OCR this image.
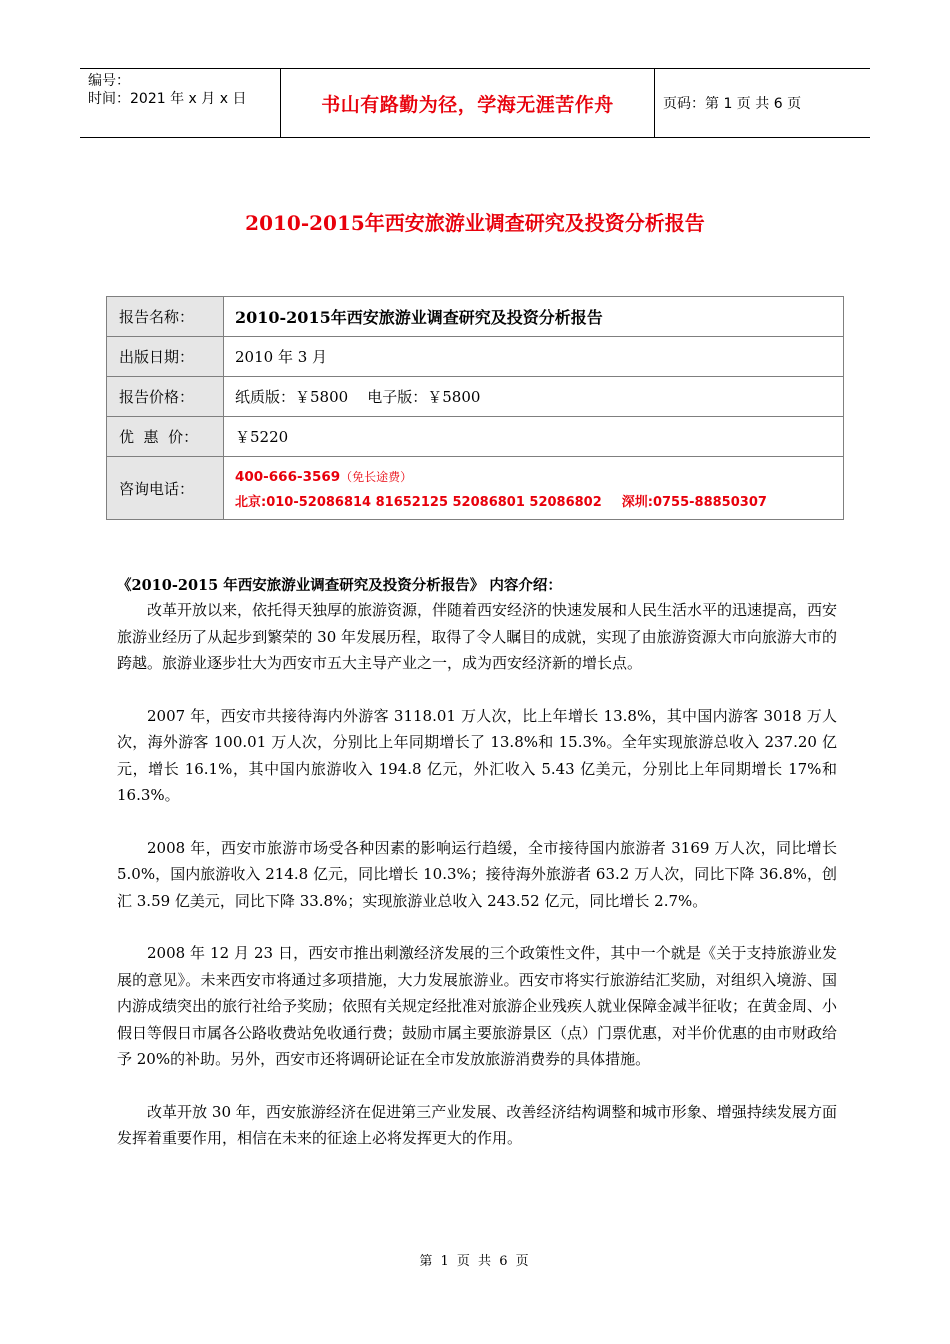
编号：
时间：2021 年 x 月 x 日	书山有路勤为径，学海无涯苦作舟	页码：第 1 页 共 6 页
2010-2015年西安旅游业调查研究及投资分析报告
报告名称：	2010-2015年西安旅游业调查研究及投资分析报告
出版日期：	2010 年 3 月
报告价格：	纸质版：￥5800    电子版：￥5800
优  惠  价：	￥5220
咨询电话：	400-666-3569（免长途费）
北京:010-52086814 81652125 52086801 52086802 深圳:0755-88850307
《2010-2015 年西安旅游业调查研究及投资分析报告》 内容介绍：

改革开放以来，依托得天独厚的旅游资源，伴随着西安经济的快速发展和人民生活水平的迅速提高，西安旅游业经历了从起步到繁荣的 30 年发展历程，取得了令人瞩目的成就，实现了由旅游资源大市向旅游大市的跨越。旅游业逐步壮大为西安市五大主导产业之一，成为西安经济新的增长点。

2007 年，西安市共接待海内外游客 3118.01 万人次，比上年增长 13.8%，其中国内游客 3018 万人次，海外游客 100.01 万人次，分别比上年同期增长了 13.8%和 15.3%。全年实现旅游总收入 237.20 亿元，增长 16.1%，其中国内旅游收入 194.8 亿元，外汇收入 5.43 亿美元，分别比上年同期增长 17%和 16.3%。

2008 年，西安市旅游市场受各种因素的影响运行趋缓，全市接待国内旅游者 3169 万人次，同比增长 5.0%，国内旅游收入 214.8 亿元，同比增长 10.3%；接待海外旅游者 63.2 万人次，同比下降 36.8%，创汇 3.59 亿美元，同比下降 33.8%；实现旅游业总收入 243.52 亿元，同比增长 2.7%。

2008 年 12 月 23 日，西安市推出刺激经济发展的三个政策性文件，其中一个就是《关于支持旅游业发展的意见》。未来西安市将通过多项措施，大力发展旅游业。西安市将实行旅游结汇奖励，对组织入境游、国内游成绩突出的旅行社给予奖励；依照有关规定经批准对旅游企业残疾人就业保障金减半征收；在黄金周、小假日等假日市属各公路收费站免收通行费；鼓励市属主要旅游景区（点）门票优惠，对半价优惠的由市财政给予 20%的补助。另外，西安市还将调研论证在全市发放旅游消费券的具体措施。

改革开放 30 年，西安旅游经济在促进第三产业发展、改善经济结构调整和城市形象、增强持续发展方面发挥着重要作用，相信在未来的征途上必将发挥更大的作用。

第 1 页 共 6 页
